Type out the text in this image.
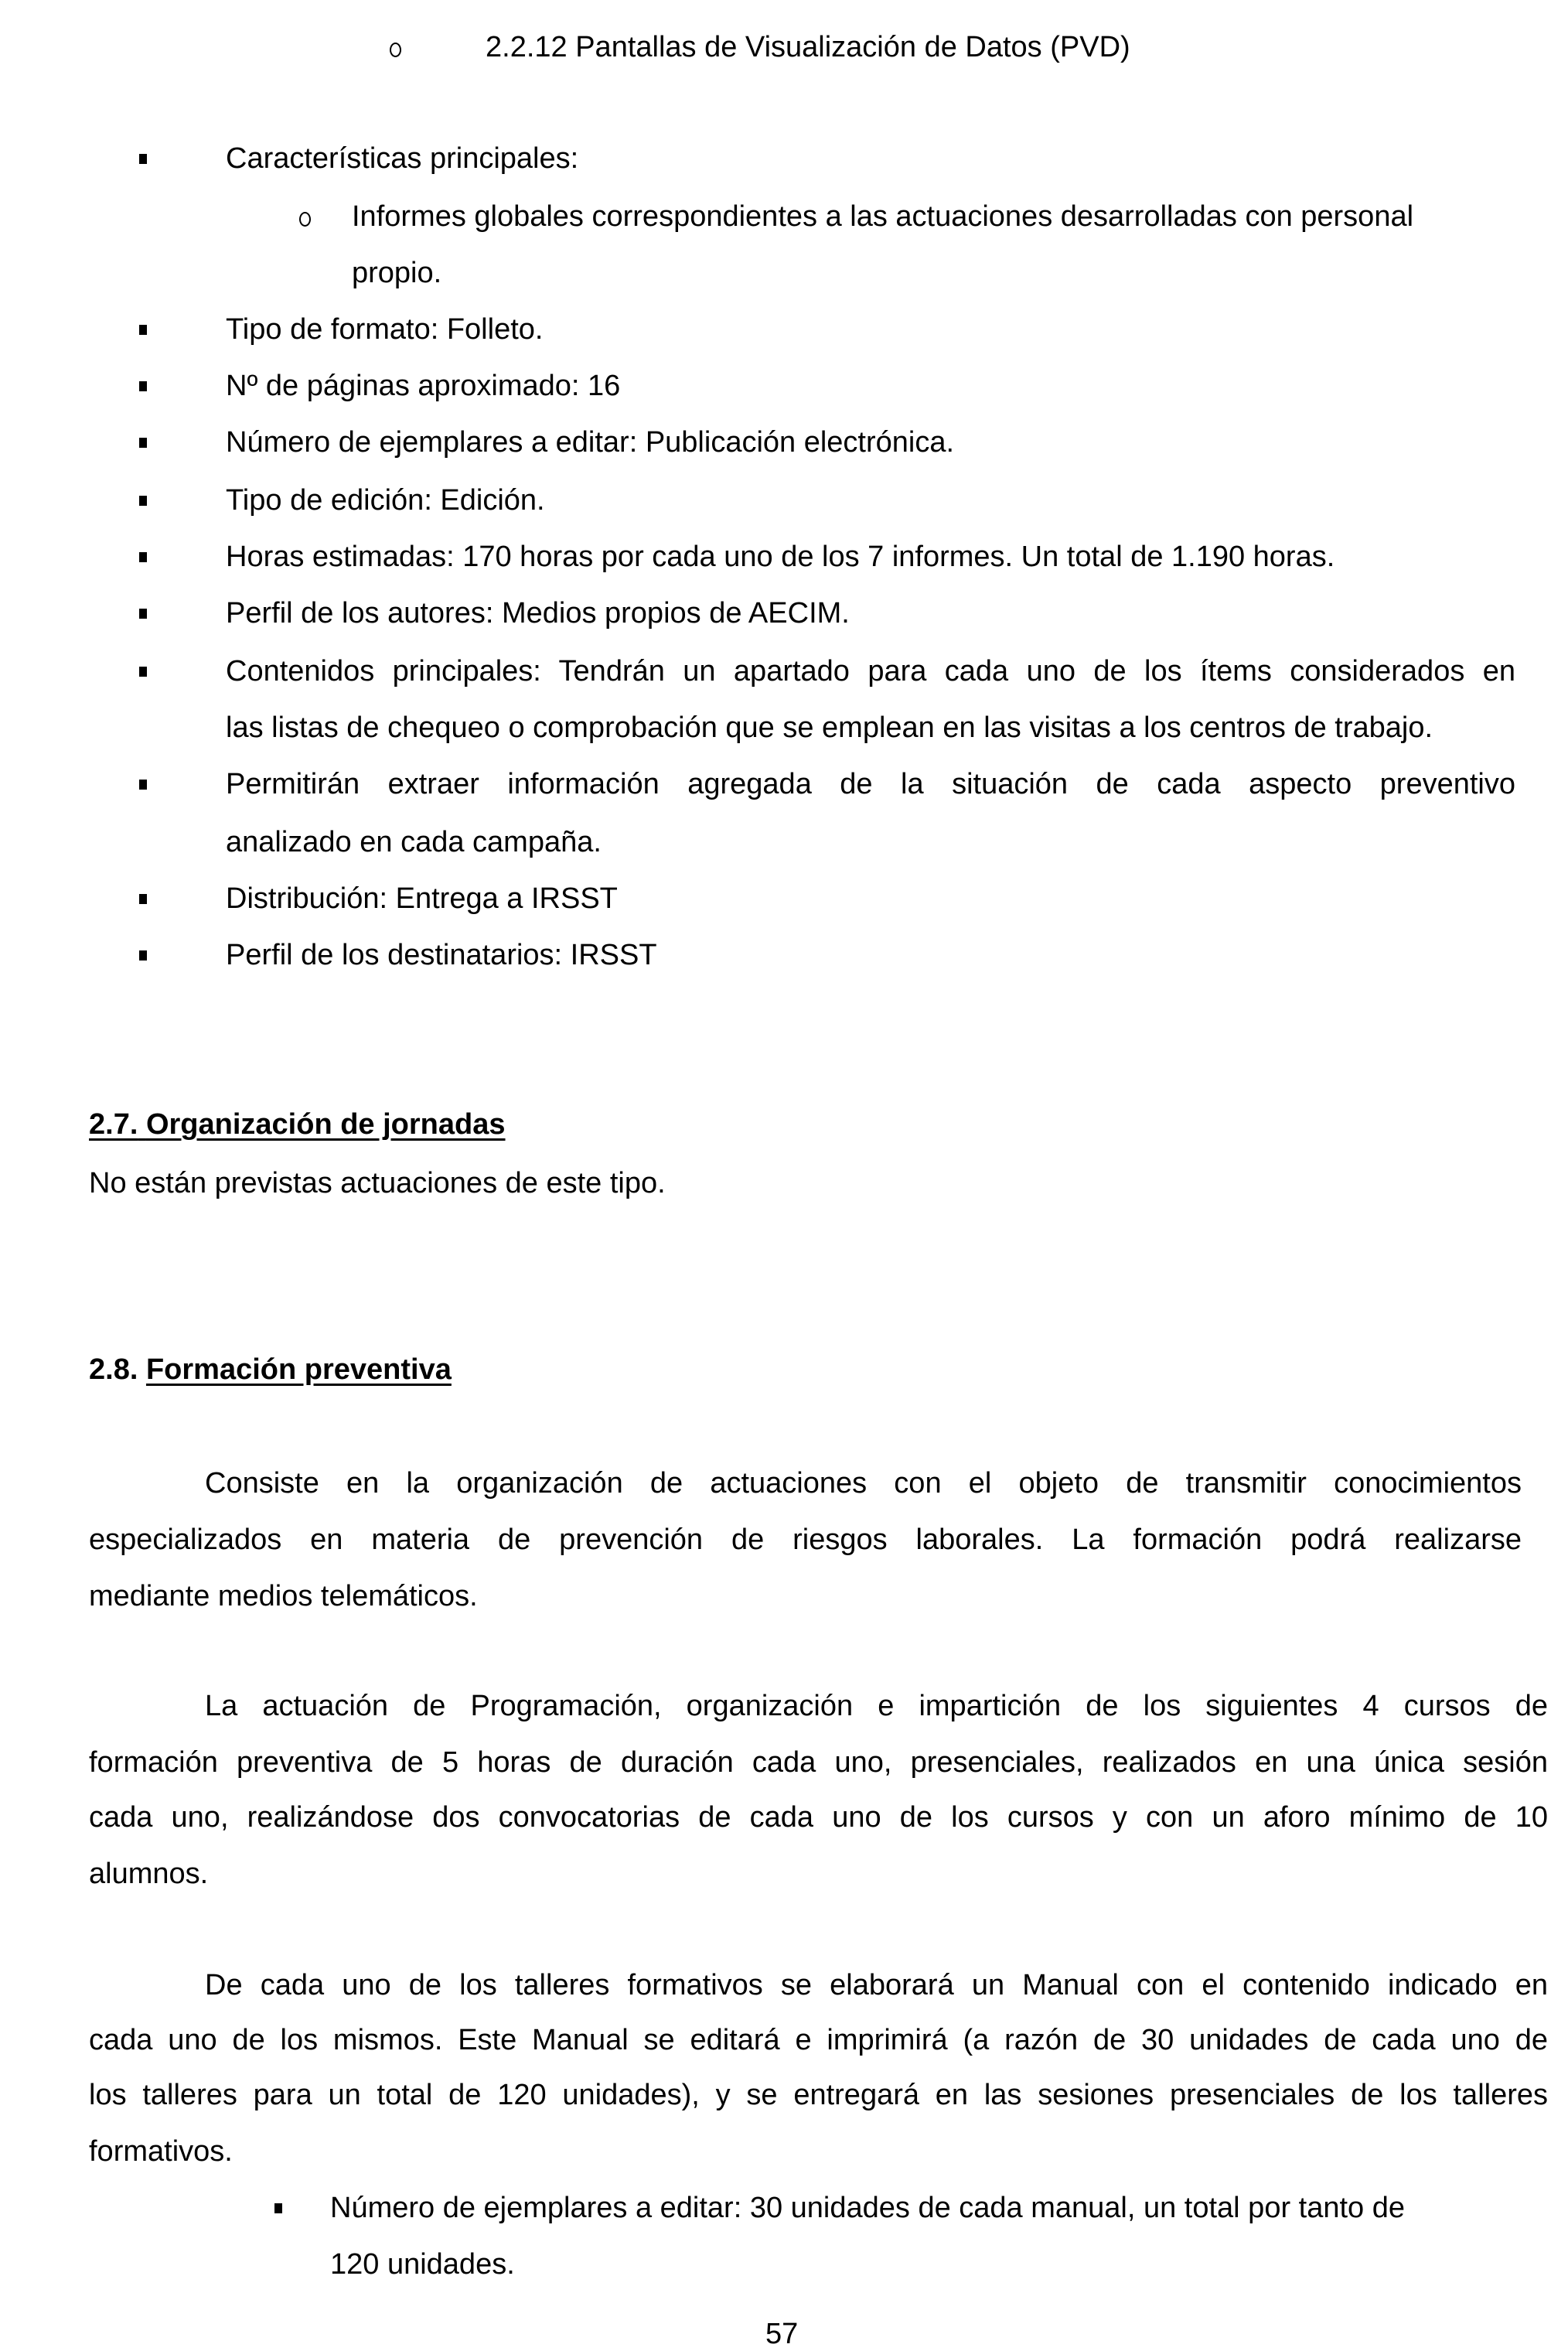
2.2.12 Pantallas de Visualización de Datos (PVD)
Características principales:
Informes globales correspondientes a las actuaciones desarrolladas con personal
propio.
Tipo de formato: Folleto.
Nº de páginas aproximado: 16
Número de ejemplares a editar: Publicación electrónica.
Tipo de edición: Edición.
Horas estimadas: 170 horas por cada uno de los 7 informes. Un total de 1.190 horas.
Perfil de los autores: Medios propios de AECIM.
Contenidos principales: Tendrán un apartado para cada uno de los ítems considerados en
las listas de chequeo o comprobación que se emplean en las visitas a los centros de trabajo.
Permitirán extraer información agregada de la situación de cada aspecto preventivo
analizado en cada campaña.
Distribución: Entrega a IRSST
Perfil de los destinatarios: IRSST
2.7. Organización de jornadas
No están previstas actuaciones de este tipo.
2.8. Formación preventiva
Consiste en la organización de actuaciones con el objeto de transmitir conocimientos
especializados en materia de prevención de riesgos laborales. La formación podrá realizarse
mediante medios telemáticos.
La actuación de Programación, organización e impartición de los siguientes 4 cursos de
formación preventiva de 5 horas de duración cada uno, presenciales, realizados en una única sesión
cada uno, realizándose dos convocatorias de cada uno de los cursos y con un aforo mínimo de 10
alumnos.
De cada uno de los talleres formativos se elaborará un Manual con el contenido indicado en
cada uno de los mismos. Este Manual se editará e imprimirá (a razón de 30 unidades de cada uno de
los talleres para un total de 120 unidades), y se entregará en las sesiones presenciales de los talleres
formativos.
Número de ejemplares a editar: 30 unidades de cada manual, un total por tanto de
120 unidades.
57
